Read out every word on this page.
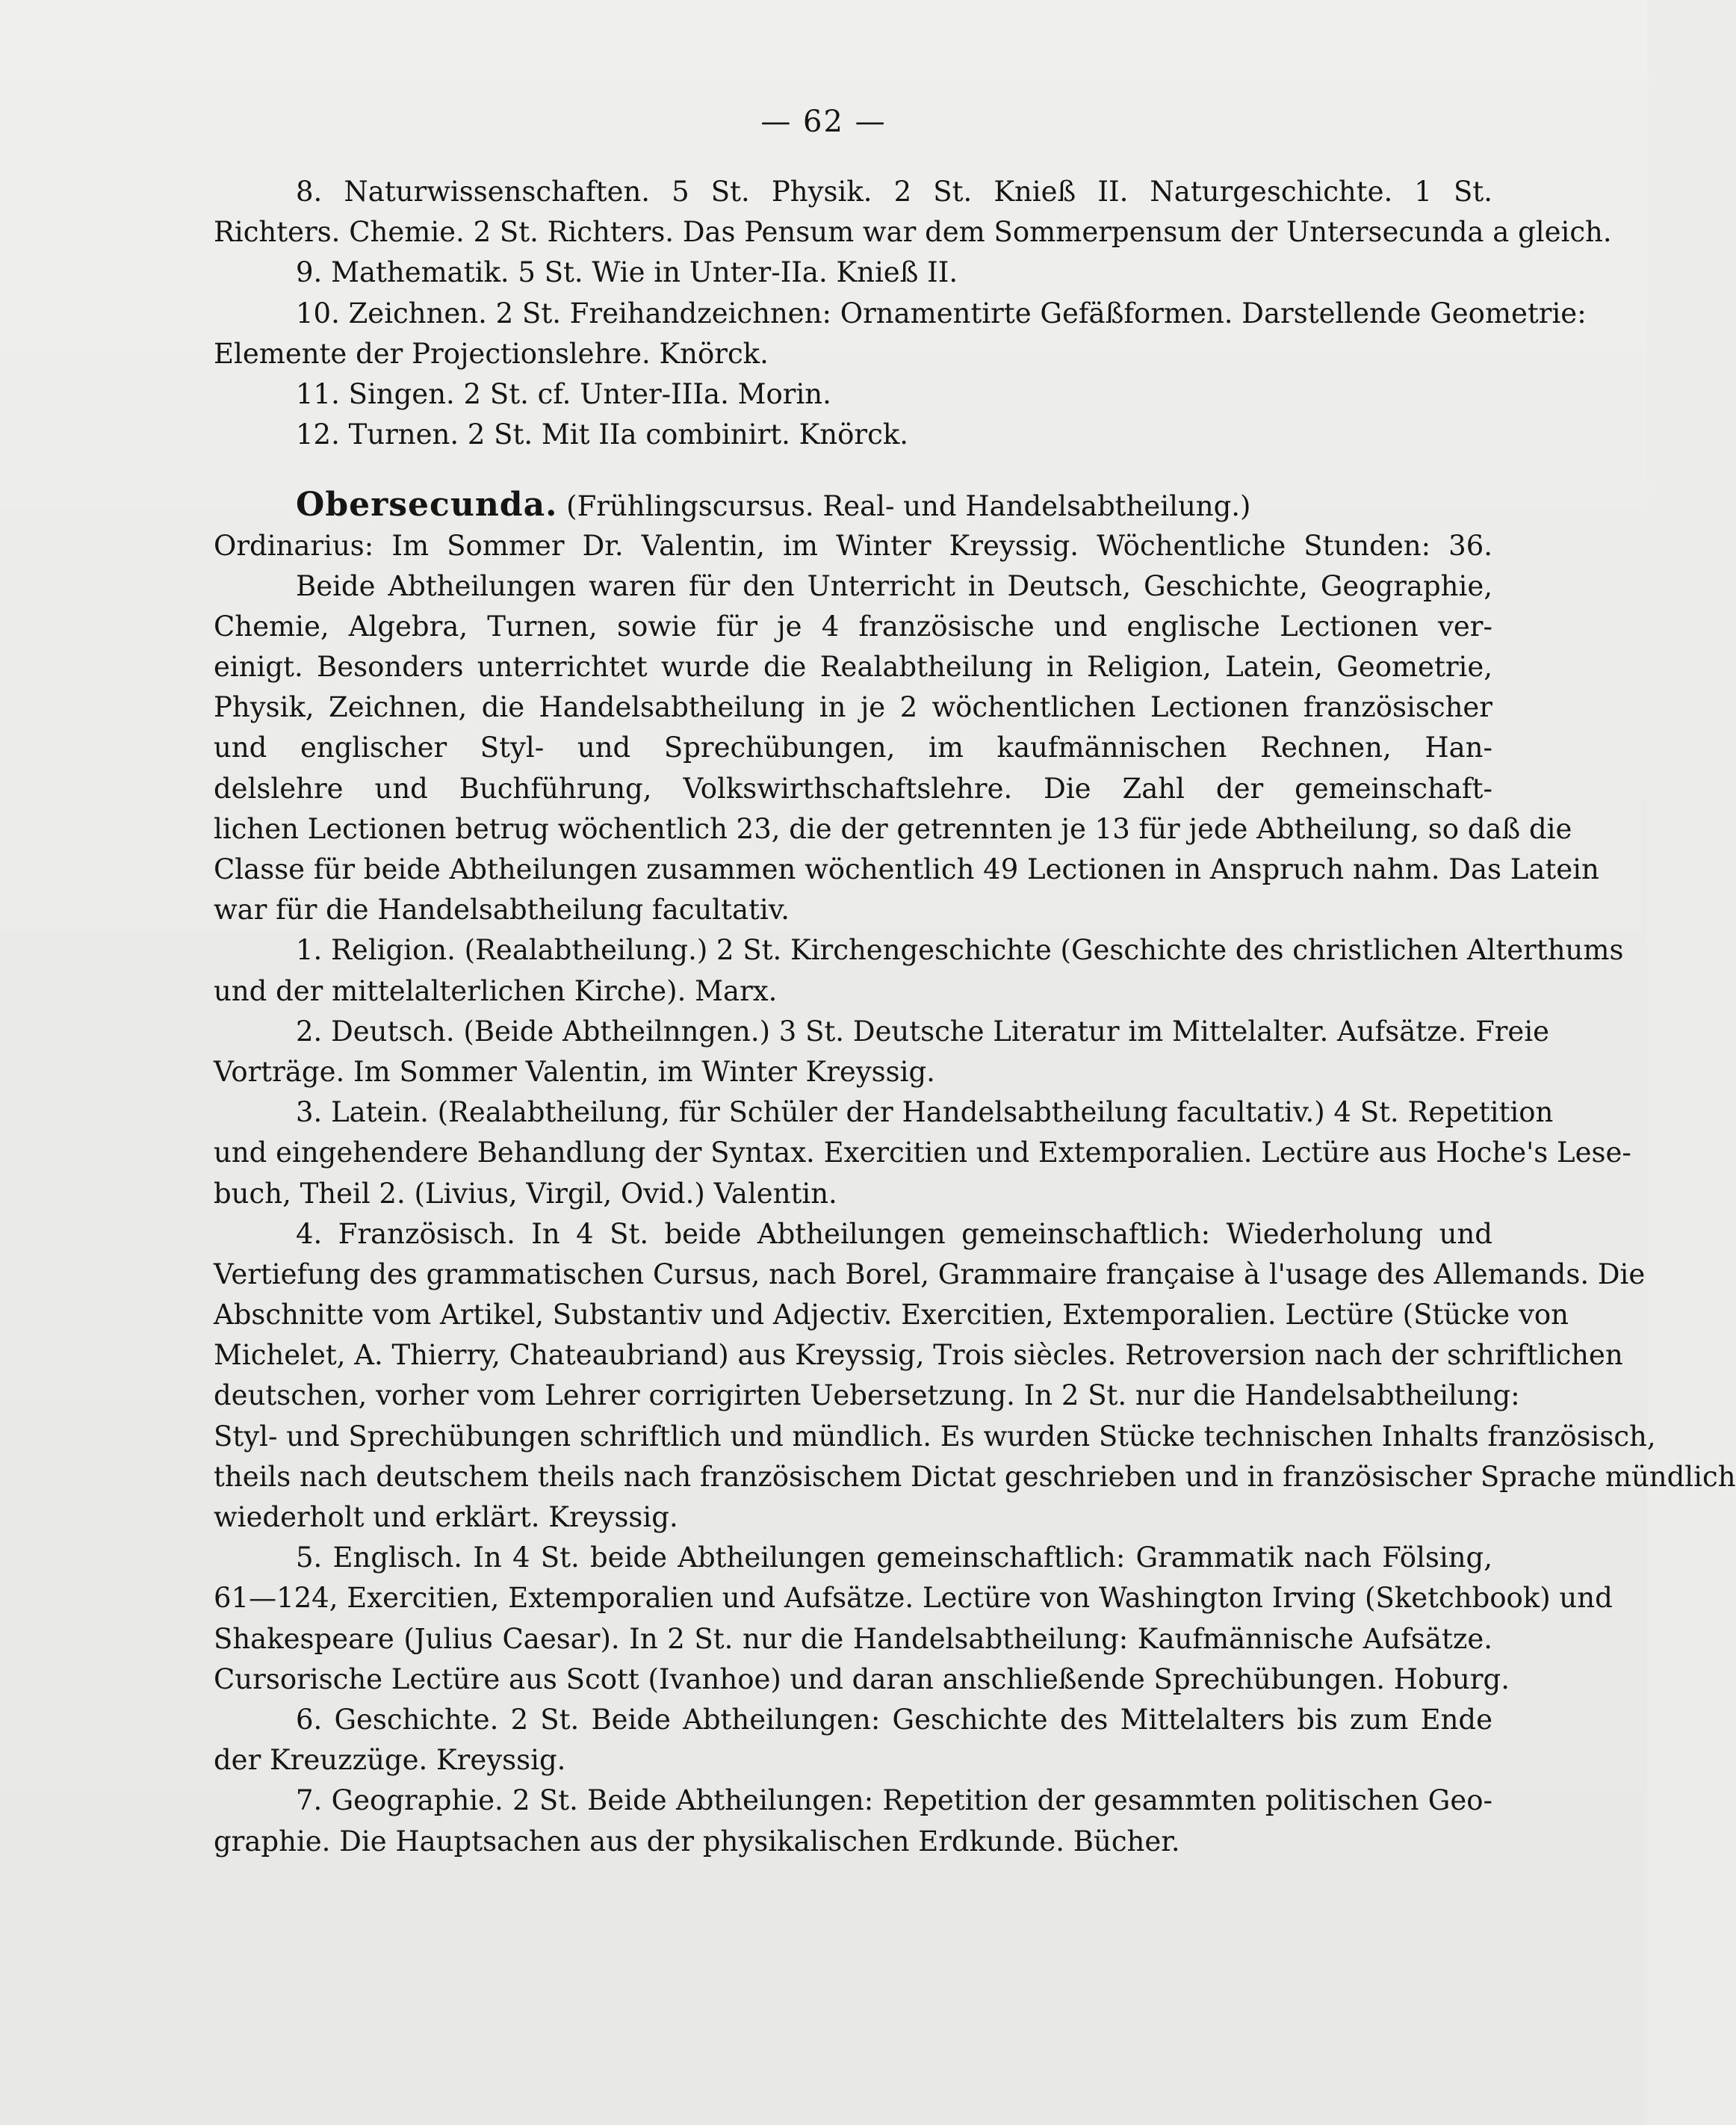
— 62 —
8. Naturwissenschaften. 5 St. Physik. 2 St. Knieß II. Naturgeschichte. 1 St.
Richters. Chemie. 2 St. Richters. Das Pensum war dem Sommerpensum der Untersecunda a gleich.
9. Mathematik. 5 St. Wie in Unter-IIa. Knieß II.
10. Zeichnen. 2 St. Freihandzeichnen: Ornamentirte Gefäßformen. Darstellende Geometrie:
Elemente der Projectionslehre. Knörck.
11. Singen. 2 St. cf. Unter-IIIa. Morin.
12. Turnen. 2 St. Mit IIa combinirt. Knörck.
Obersecunda. (Frühlingscursus. Real- und Handelsabtheilung.)
Ordinarius: Im Sommer Dr. Valentin, im Winter Kreyssig. Wöchentliche Stunden: 36.
Beide Abtheilungen waren für den Unterricht in Deutsch, Geschichte, Geographie,
Chemie, Algebra, Turnen, sowie für je 4 französische und englische Lectionen ver-
einigt. Besonders unterrichtet wurde die Realabtheilung in Religion, Latein, Geometrie,
Physik, Zeichnen, die Handelsabtheilung in je 2 wöchentlichen Lectionen französischer
und englischer Styl- und Sprechübungen, im kaufmännischen Rechnen, Han-
delslehre und Buchführung, Volkswirthschaftslehre. Die Zahl der gemeinschaft-
lichen Lectionen betrug wöchentlich 23, die der getrennten je 13 für jede Abtheilung, so daß die
Classe für beide Abtheilungen zusammen wöchentlich 49 Lectionen in Anspruch nahm. Das Latein
war für die Handelsabtheilung facultativ.
1. Religion. (Realabtheilung.) 2 St. Kirchengeschichte (Geschichte des christlichen Alterthums
und der mittelalterlichen Kirche). Marx.
2. Deutsch. (Beide Abtheilnngen.) 3 St. Deutsche Literatur im Mittelalter. Aufsätze. Freie
Vorträge. Im Sommer Valentin, im Winter Kreyssig.
3. Latein. (Realabtheilung, für Schüler der Handelsabtheilung facultativ.) 4 St. Repetition
und eingehendere Behandlung der Syntax. Exercitien und Extemporalien. Lectüre aus Hoche's Lese-
buch, Theil 2. (Livius, Virgil, Ovid.) Valentin.
4. Französisch. In 4 St. beide Abtheilungen gemeinschaftlich: Wiederholung und
Vertiefung des grammatischen Cursus, nach Borel, Grammaire française à l'usage des Allemands. Die
Abschnitte vom Artikel, Substantiv und Adjectiv. Exercitien, Extemporalien. Lectüre (Stücke von
Michelet, A. Thierry, Chateaubriand) aus Kreyssig, Trois siècles. Retroversion nach der schriftlichen
deutschen, vorher vom Lehrer corrigirten Uebersetzung. In 2 St. nur die Handelsabtheilung:
Styl- und Sprechübungen schriftlich und mündlich. Es wurden Stücke technischen Inhalts französisch,
theils nach deutschem theils nach französischem Dictat geschrieben und in französischer Sprache mündlich
wiederholt und erklärt. Kreyssig.
5. Englisch. In 4 St. beide Abtheilungen gemeinschaftlich: Grammatik nach Fölsing,
61—124, Exercitien, Extemporalien und Aufsätze. Lectüre von Washington Irving (Sketchbook) und
Shakespeare (Julius Caesar). In 2 St. nur die Handelsabtheilung: Kaufmännische Aufsätze.
Cursorische Lectüre aus Scott (Ivanhoe) und daran anschließende Sprechübungen. Hoburg.
6. Geschichte. 2 St. Beide Abtheilungen: Geschichte des Mittelalters bis zum Ende
der Kreuzzüge. Kreyssig.
7. Geographie. 2 St. Beide Abtheilungen: Repetition der gesammten politischen Geo-
graphie. Die Hauptsachen aus der physikalischen Erdkunde. Bücher.
